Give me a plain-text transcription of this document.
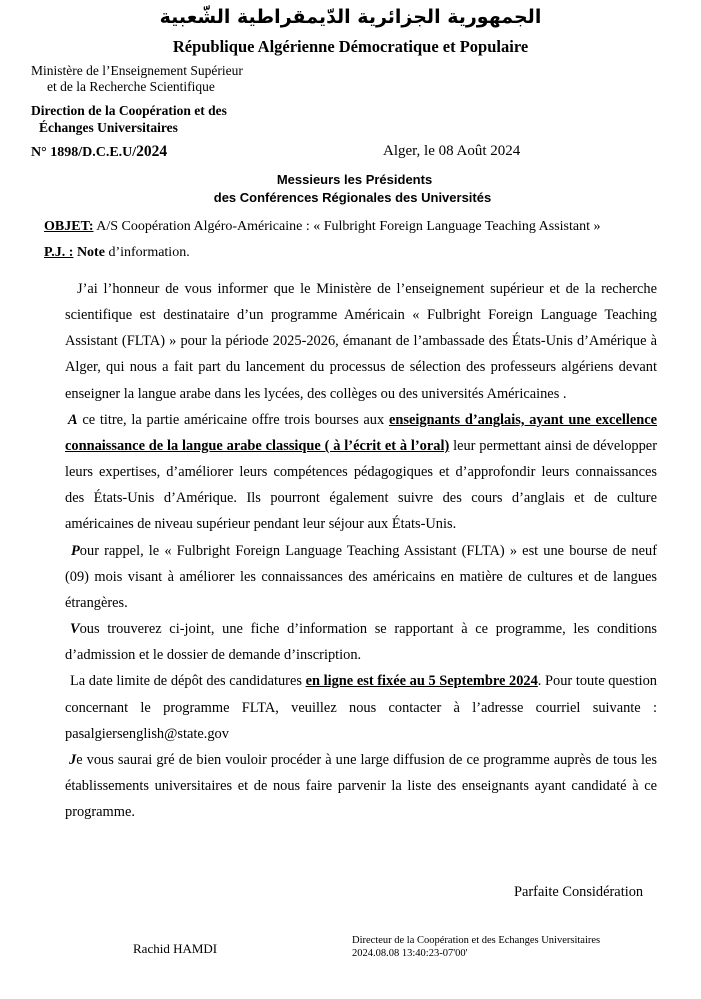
الجمهورية الجزائرية الدّيمقراطية الشّعبية
République Algérienne Démocratique et Populaire
Ministère de l’Enseignement Supérieur
et de la Recherche Scientifique
Direction de la Coopération et des
Échanges Universitaires
N° 1898/D.C.E.U/2024	Alger, le 08 Août 2024
Messieurs les Présidents
des Conférences Régionales des Universités
OBJET: A/S Coopération Algéro-Américaine : « Fulbright Foreign Language Teaching Assistant »
P.J. : Note d’information.

J’ai l’honneur de vous informer que le Ministère de l’enseignement supérieur et de la recherche scientifique est destinataire d’un programme Américain « Fulbright Foreign Language Teaching Assistant (FLTA) » pour la période 2025-2026, émanant de l’ambassade des États-Unis d’Amérique à Alger, qui nous a fait part du lancement du processus de sélection des professeurs algériens devant enseigner la langue arabe dans les lycées, des collèges ou des universités Américaines .

A ce titre, la partie américaine offre trois bourses aux enseignants d’anglais, ayant une excellence connaissance de la langue arabe classique ( à l’écrit et à l’oral) leur permettant ainsi de développer leurs expertises, d’améliorer leurs compétences pédagogiques et d’approfondir leurs connaissances des États-Unis d’Amérique. Ils pourront également suivre des cours d’anglais et de culture américaines de niveau supérieur pendant leur séjour aux États-Unis.

Pour rappel, le « Fulbright Foreign Language Teaching Assistant (FLTA) » est une bourse de neuf (09) mois visant à améliorer les connaissances des américains en matière de cultures et de langues étrangères.

Vous trouverez ci-joint, une fiche d’information se rapportant à ce programme, les conditions d’admission et le dossier de demande d’inscription.

La date limite de dépôt des candidatures en ligne est fixée au 5 Septembre 2024. Pour toute question concernant le programme FLTA, veuillez nous contacter à l’adresse courriel suivante : pasalgiersenglish@state.gov

Je vous saurai gré de bien vouloir procéder à une large diffusion de ce programme auprès de tous les établissements universitaires et de nous faire parvenir la liste des enseignants ayant candidaté à ce programme.

Parfaite Considération
Rachid HAMDI
Directeur de la Coopération et des Echanges Universitaires
2024.08.08 13:40:23-07'00'
